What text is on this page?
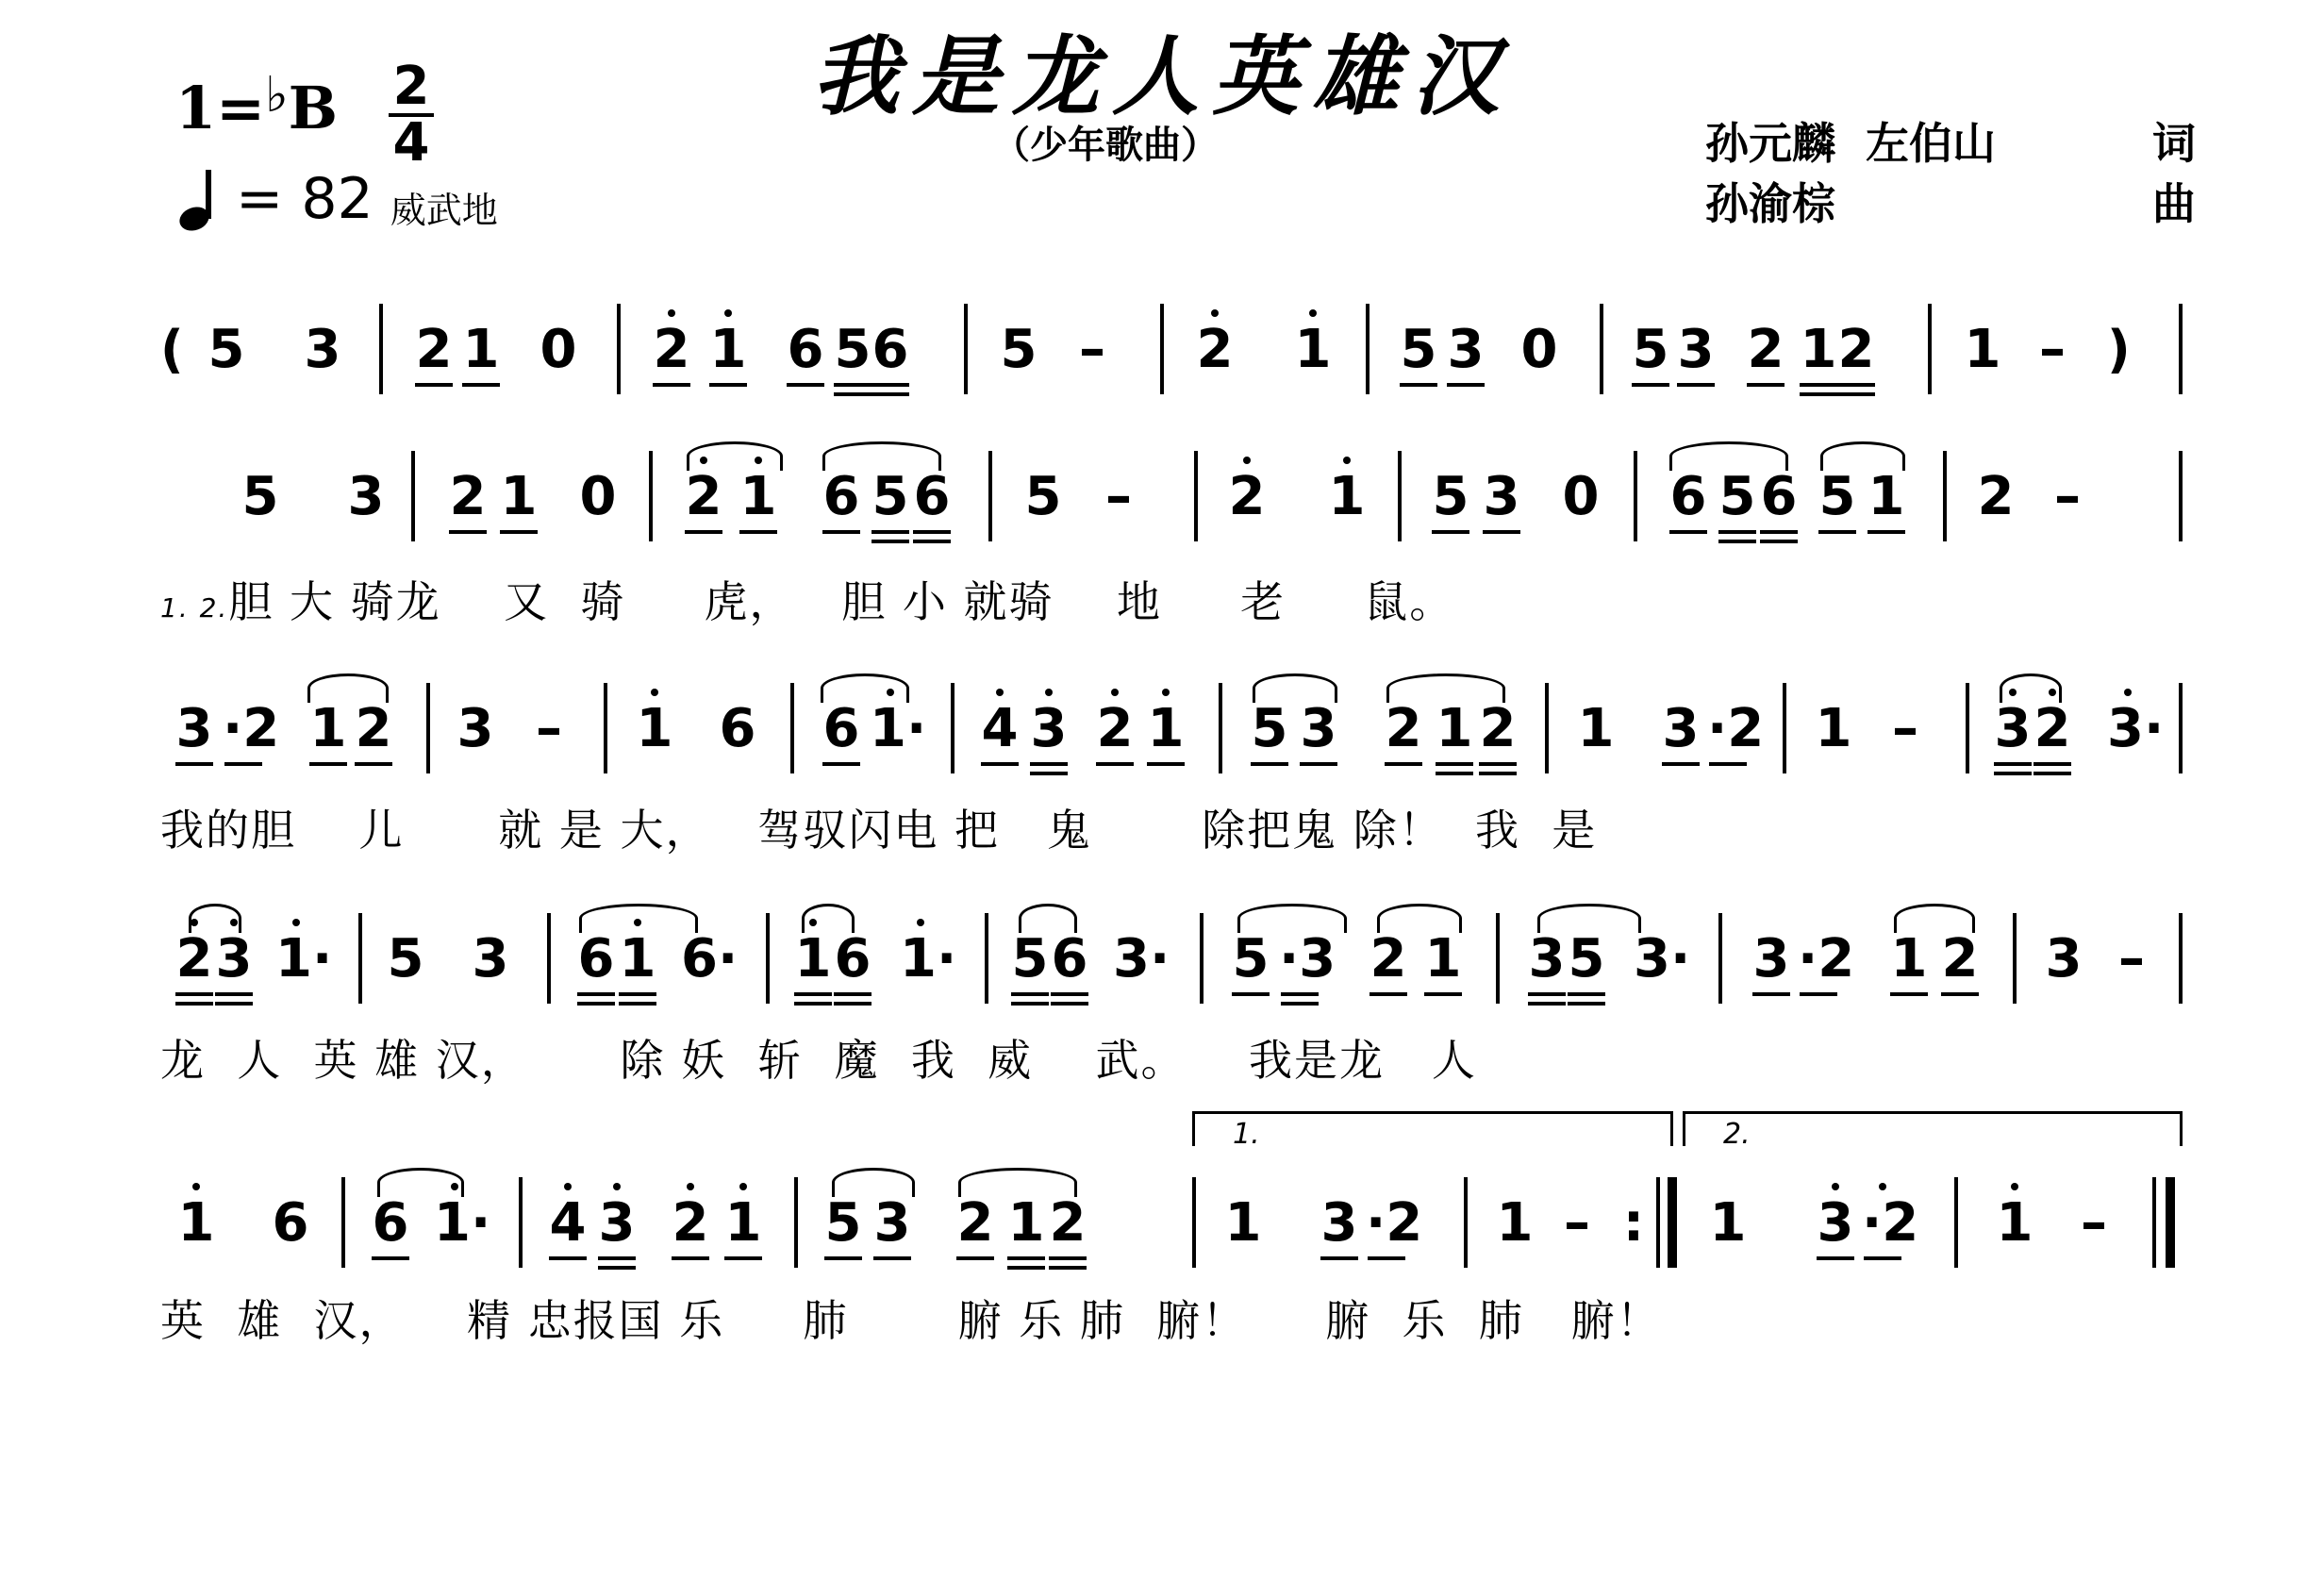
我是龙人英雄汉
（少年歌曲）
1=♭B 2
4
= 82 威武地
孙元麟  左伯山	词
孙渝棕	曲
( 5 3 2 1 0 2 1 6 5 6 5 – 2 1 5 3 0 5 3 2 1 2 1 – )
5 3 2 1 0 2 1 6 5 6 5 – 2 1 5 3 0 6 5 6 5 1 2 –
1. 2.胆 大 骑龙    又  骑     虎，   胆 小 就骑    地     老     鼠。
3 ·2 1 2 3 – 1 6 6 1· 4 3 2 1 5 3 2 1 2 1 3 ·2 1 – 3 2 3·
我的胆    儿      就 是 大，   驾驭闪电 把   鬼       除把鬼 除！  我  是
2 3 1· 5 3 6 1 6· 1 6 1· 5 6 3· 5 ·3 2 1 3 5 3· 3 ·2 1 2 3 –
龙  人  英 雄 汉，      除 妖  斩  魔  我  威    武。    我是龙   人
1.	2.
1 6 6 1· 4 3 2 1 5 3 2 1 2	1 3 ·2 1 – : 1 3 ·2 1 –
英  雄  汉，    精 忠报国 乐     肺       腑 乐 肺  腑！     腑  乐  肺   腑！
